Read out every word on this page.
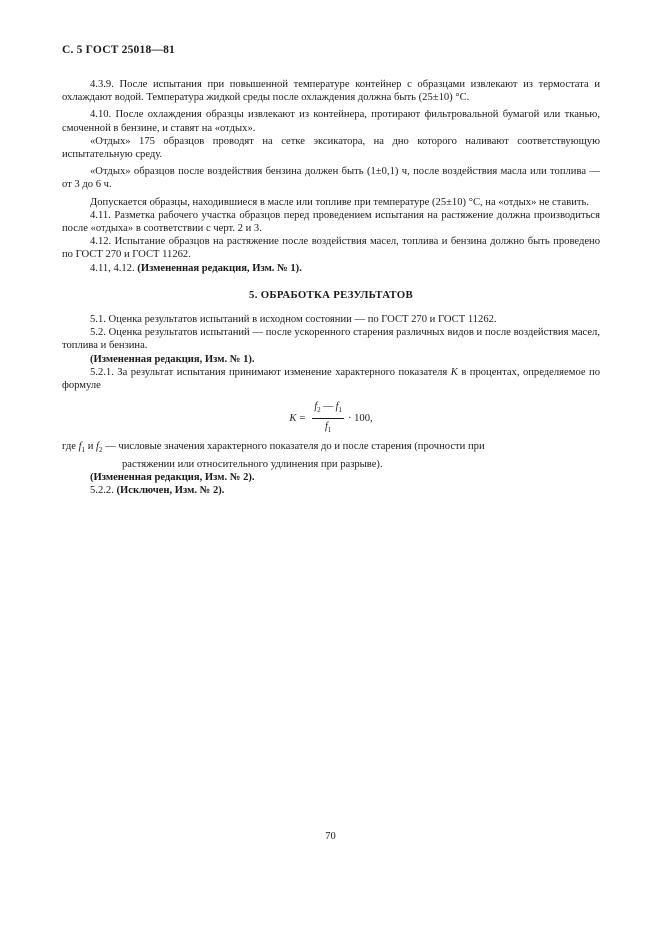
С. 5 ГОСТ 25018—81

4.3.9. После испытания при повышенной температуре контейнер с образцами извлекают из термостата и охлаждают водой. Температура жидкой среды после охлаждения должна быть (25±10) °С.

4.10. После охлаждения образцы извлекают из контейнера, протирают фильтровальной бумагой или тканью, смоченной в бензине, и ставят на «отдых».

«Отдых» 175 образцов проводят на сетке эксикатора, на дно которого наливают соответствующую испытательную среду.

«Отдых» образцов после воздействия бензина должен быть (1±0,1) ч, после воздействия масла или топлива — от 3 до 6 ч.

Допускается образцы, находившиеся в масле или топливе при температуре (25±10) °С, на «отдых» не ставить.

4.11. Разметка рабочего участка образцов перед проведением испытания на растяжение должна производиться после «отдыха» в соответствии с черт. 2 и 3.

4.12. Испытание образцов на растяжение после воздействия масел, топлива и бензина должно быть проведено по ГОСТ 270 и ГОСТ 11262.

4.11, 4.12. (Измененная редакция, Изм. № 1).

5. ОБРАБОТКА РЕЗУЛЬТАТОВ

5.1. Оценка результатов испытаний в исходном состоянии — по ГОСТ 270 и ГОСТ 11262.

5.2. Оценка результатов испытаний — после ускоренного старения различных видов и после воздействия масел, топлива и бензина.

(Измененная редакция, Изм. № 1).

5.2.1. За результат испытания принимают изменение характерного показателя K в процентах, определяемое по формуле

$K = \frac{f_2 — f_1}{f_1} \cdot 100$,

где $f_1$ и $f_2$ — числовые значения характерного показателя до и после старения (прочности при

растяжении или относительного удлинения при разрыве).

(Измененная редакция, Изм. № 2).

5.2.2. (Исключен, Изм. № 2).

70
